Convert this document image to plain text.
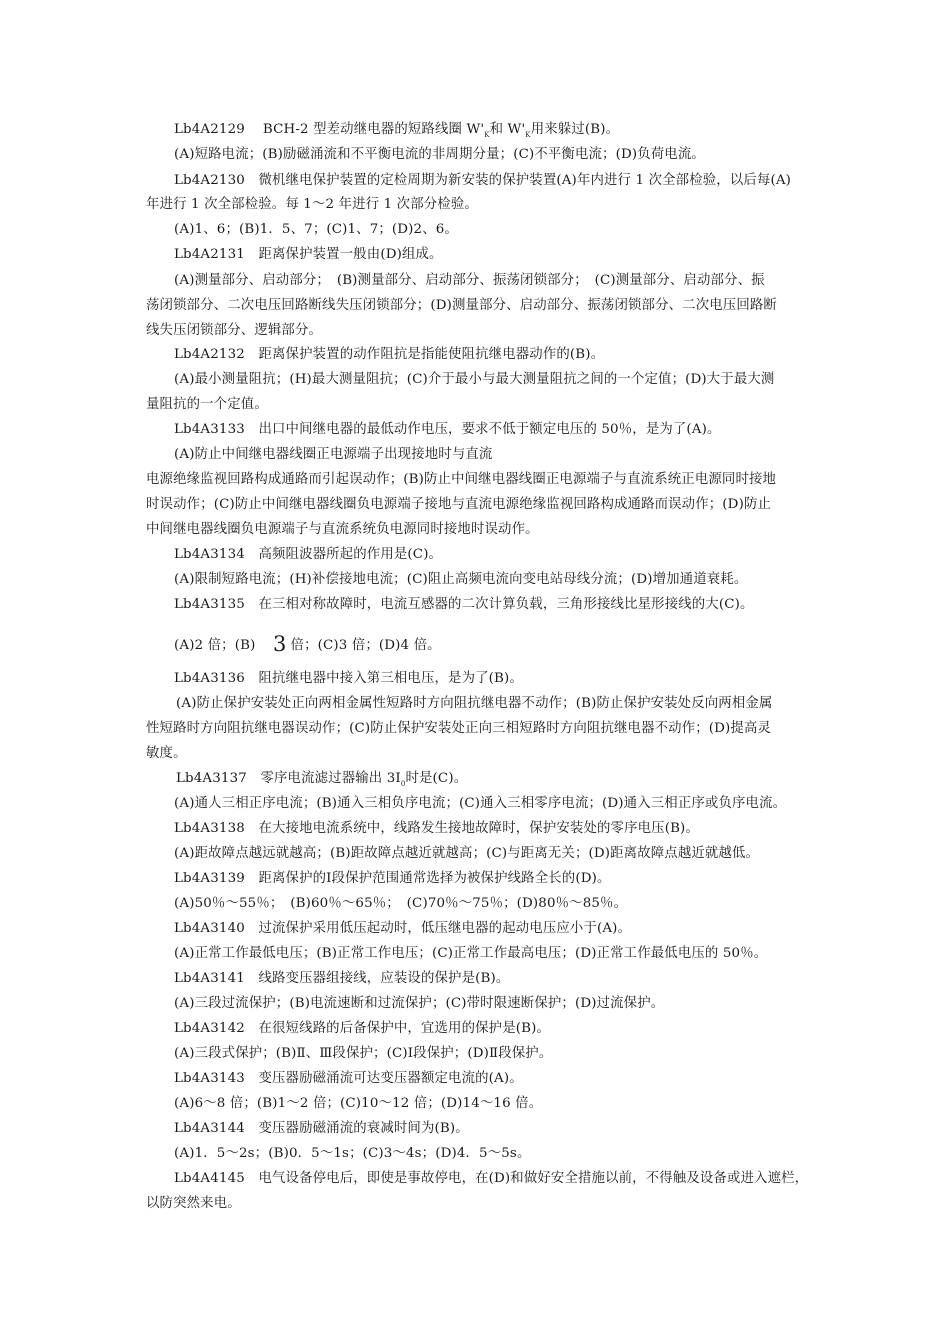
Lb4A2129　 BCH-2 型差动继电器的短路线圈 $W'_K$和 $W'_K$用来躲过(B)。
(A)短路电流；(B)励磁涌流和不平衡电流的非周期分量；(C)不平衡电流；(D)负荷电流。
Lb4A2130　微机继电保护装置的定检周期为新安装的保护装置(A)年内进行 1 次全部检验，以后每(A)
年进行 1 次全部检验。每 1～2 年进行 1 次部分检验。
(A)1、6；(B)1．5、7；(C)1、7；(D)2、6。
Lb4A2131　距离保护装置一般由(D)组成。
(A)测量部分、启动部分；　(B)测量部分、启动部分、振荡闭锁部分；　(C)测量部分、启动部分、振
荡闭锁部分、二次电压回路断线失压闭锁部分；(D)测量部分、启动部分、振荡闭锁部分、二次电压回路断
线失压闭锁部分、逻辑部分。
Lb4A2132　距离保护装置的动作阻抗是指能使阻抗继电器动作的(B)。
(A)最小测量阻抗；(H)最大测量阻抗；(C)介于最小与最大测量阻抗之间的一个定值；(D)大于最大测
量阻抗的一个定值。
Lb4A3133　出口中间继电器的最低动作电压，要求不低于额定电压的 50％，是为了(A)。
(A)防止中间继电器线圈正电源端子出现接地时与直流
电源绝缘监视回路构成通路而引起误动作；(B)防止中间继电器线圈正电源端子与直流系统正电源同时接地
时误动作；(C)防止中间继电器线圈负电源端子接地与直流电源绝缘监视回路构成通路而误动作；(D)防止
中间继电器线圈负电源端子与直流系统负电源同时接地时误动作。
Lb4A3134　高频阻波器所起的作用是(C)。
(A)限制短路电流；(H)补偿接地电流；(C)阻止高频电流向变电站母线分流；(D)增加通道衰耗。
Lb4A3135　在三相对称故障时，电流互感器的二次计算负载，三角形接线比星形接线的大(C)。
(A)2 倍；(B)　3 倍；(C)3 倍；(D)4 倍。
Lb4A3136　阻抗继电器中接入第三相电压，是为了(B)。
(A)防止保护安装处正向两相金属性短路时方向阻抗继电器不动作；(B)防止保护安装处反向两相金属
性短路时方向阻抗继电器误动作；(C)防止保护安装处正向三相短路时方向阻抗继电器不动作；(D)提高灵
敏度。
Lb4A3137　零序电流滤过器输出 $3I_0$时是(C)。
(A)通人三相正序电流；(B)通入三相负序电流；(C)通入三相零序电流；(D)通入三相正序或负序电流。
Lb4A3138　在大接地电流系统中，线路发生接地故障时，保护安装处的零序电压(B)。
(A)距故障点越远就越高；(B)距故障点越近就越高；(C)与距离无关；(D)距离故障点越近就越低。
Lb4A3139　距离保护的Ⅰ段保护范围通常选择为被保护线路全长的(D)。
(A)50％～55％；　(B)60％～65％；　(C)70％～75％；(D)80％～85％。
Lb4A3140　过流保护采用低压起动时，低压继电器的起动电压应小于(A)。
(A)正常工作最低电压；(B)正常工作电压；(C)正常工作最高电压；(D)正常工作最低电压的 50％。
Lb4A3141　线路变压器组接线，应装设的保护是(B)。
(A)三段过流保护；(B)电流速断和过流保护；(C)带时限速断保护；(D)过流保护。
Lb4A3142　在很短线路的后备保护中，宜选用的保护是(B)。
(A)三段式保护；(B)Ⅱ、Ⅲ段保护；(C)Ⅰ段保护；(D)Ⅱ段保护。
Lb4A3143　变压器励磁涌流可达变压器额定电流的(A)。
(A)6～8 倍；(B)1～2 倍；(C)10～12 倍；(D)14～16 倍。
Lb4A3144　变压器励磁涌流的衰减时间为(B)。
(A)1．5～2s；(B)0．5～1s；(C)3～4s；(D)4．5～5s。
Lb4A4145　电气设备停电后，即使是事故停电，在(D)和做好安全措施以前，不得触及设备或进入遮栏，
以防突然来电。
